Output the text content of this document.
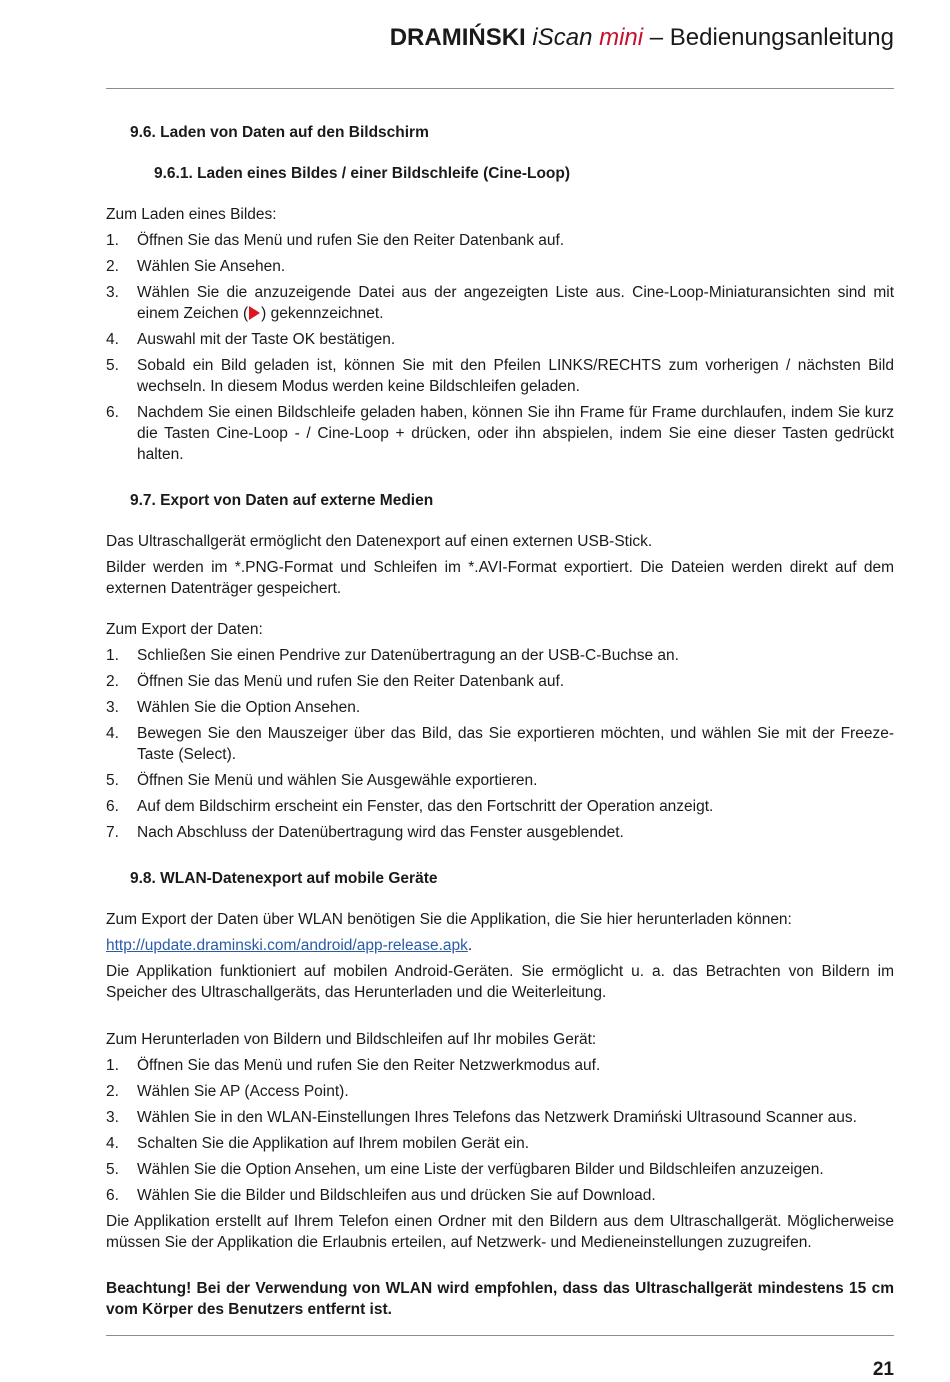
DRAMIŃSKI iScan mini – Bedienungsanleitung
9.6. Laden von Daten auf den Bildschirm
9.6.1. Laden eines Bildes / einer Bildschleife (Cine-Loop)

Zum Laden eines Bildes:

1. Öffnen Sie das Menü und rufen Sie den Reiter Datenbank auf.
2. Wählen Sie Ansehen.
3. Wählen Sie die anzuzeigende Datei aus der angezeigten Liste aus. Cine-Loop-Miniaturansichten sind mit einem Zeichen ( ) gekennzeichnet.
4. Auswahl mit der Taste OK bestätigen.
5. Sobald ein Bild geladen ist, können Sie mit den Pfeilen LINKS/RECHTS zum vorherigen / nächsten Bild wechseln. In diesem Modus werden keine Bildschleifen geladen.
6. Nachdem Sie einen Bildschleife geladen haben, können Sie ihn Frame für Frame durchlaufen, indem Sie kurz die Tasten Cine-Loop - / Cine-Loop + drücken, oder ihn abspielen, indem Sie eine dieser Tasten gedrückt halten.
9.7. Export von Daten auf externe Medien

Das Ultraschallgerät ermöglicht den Datenexport auf einen externen USB-Stick.

Bilder werden im *.PNG-Format und Schleifen im *.AVI-Format exportiert. Die Dateien werden direkt auf dem externen Datenträger gespeichert.

Zum Export der Daten:

1. Schließen Sie einen Pendrive zur Datenübertragung an der USB-C-Buchse an.
2. Öffnen Sie das Menü und rufen Sie den Reiter Datenbank auf.
3. Wählen Sie die Option Ansehen.
4. Bewegen Sie den Mauszeiger über das Bild, das Sie exportieren möchten, und wählen Sie mit der Freeze-Taste (Select).
5. Öffnen Sie Menü und wählen Sie Ausgewähle exportieren.
6. Auf dem Bildschirm erscheint ein Fenster, das den Fortschritt der Operation anzeigt.
7. Nach Abschluss der Datenübertragung wird das Fenster ausgeblendet.
9.8. WLAN-Datenexport auf mobile Geräte

Zum Export der Daten über WLAN benötigen Sie die Applikation, die Sie hier herunterladen können:

http://update.draminski.com/android/app-release.apk.

Die Applikation funktioniert auf mobilen Android-Geräten. Sie ermöglicht u. a. das Betrachten von Bildern im Speicher des Ultraschallgeräts, das Herunterladen und die Weiterleitung.

Zum Herunterladen von Bildern und Bildschleifen auf Ihr mobiles Gerät:

1. Öffnen Sie das Menü und rufen Sie den Reiter Netzwerkmodus auf.
2. Wählen Sie AP (Access Point).
3. Wählen Sie in den WLAN-Einstellungen Ihres Telefons das Netzwerk Dramiński Ultrasound Scanner aus.
4. Schalten Sie die Applikation auf Ihrem mobilen Gerät ein.
5. Wählen Sie die Option Ansehen, um eine Liste der verfügbaren Bilder und Bildschleifen anzuzeigen.
6. Wählen Sie die Bilder und Bildschleifen aus und drücken Sie auf Download.

Die Applikation erstellt auf Ihrem Telefon einen Ordner mit den Bildern aus dem Ultraschallgerät. Möglicherweise müssen Sie der Applikation die Erlaubnis erteilen, auf Netzwerk- und Medieneinstellungen zuzugreifen.

Beachtung! Bei der Verwendung von WLAN wird empfohlen, dass das Ultraschallgerät mindestens 15 cm vom Körper des Benutzers entfernt ist.

21
